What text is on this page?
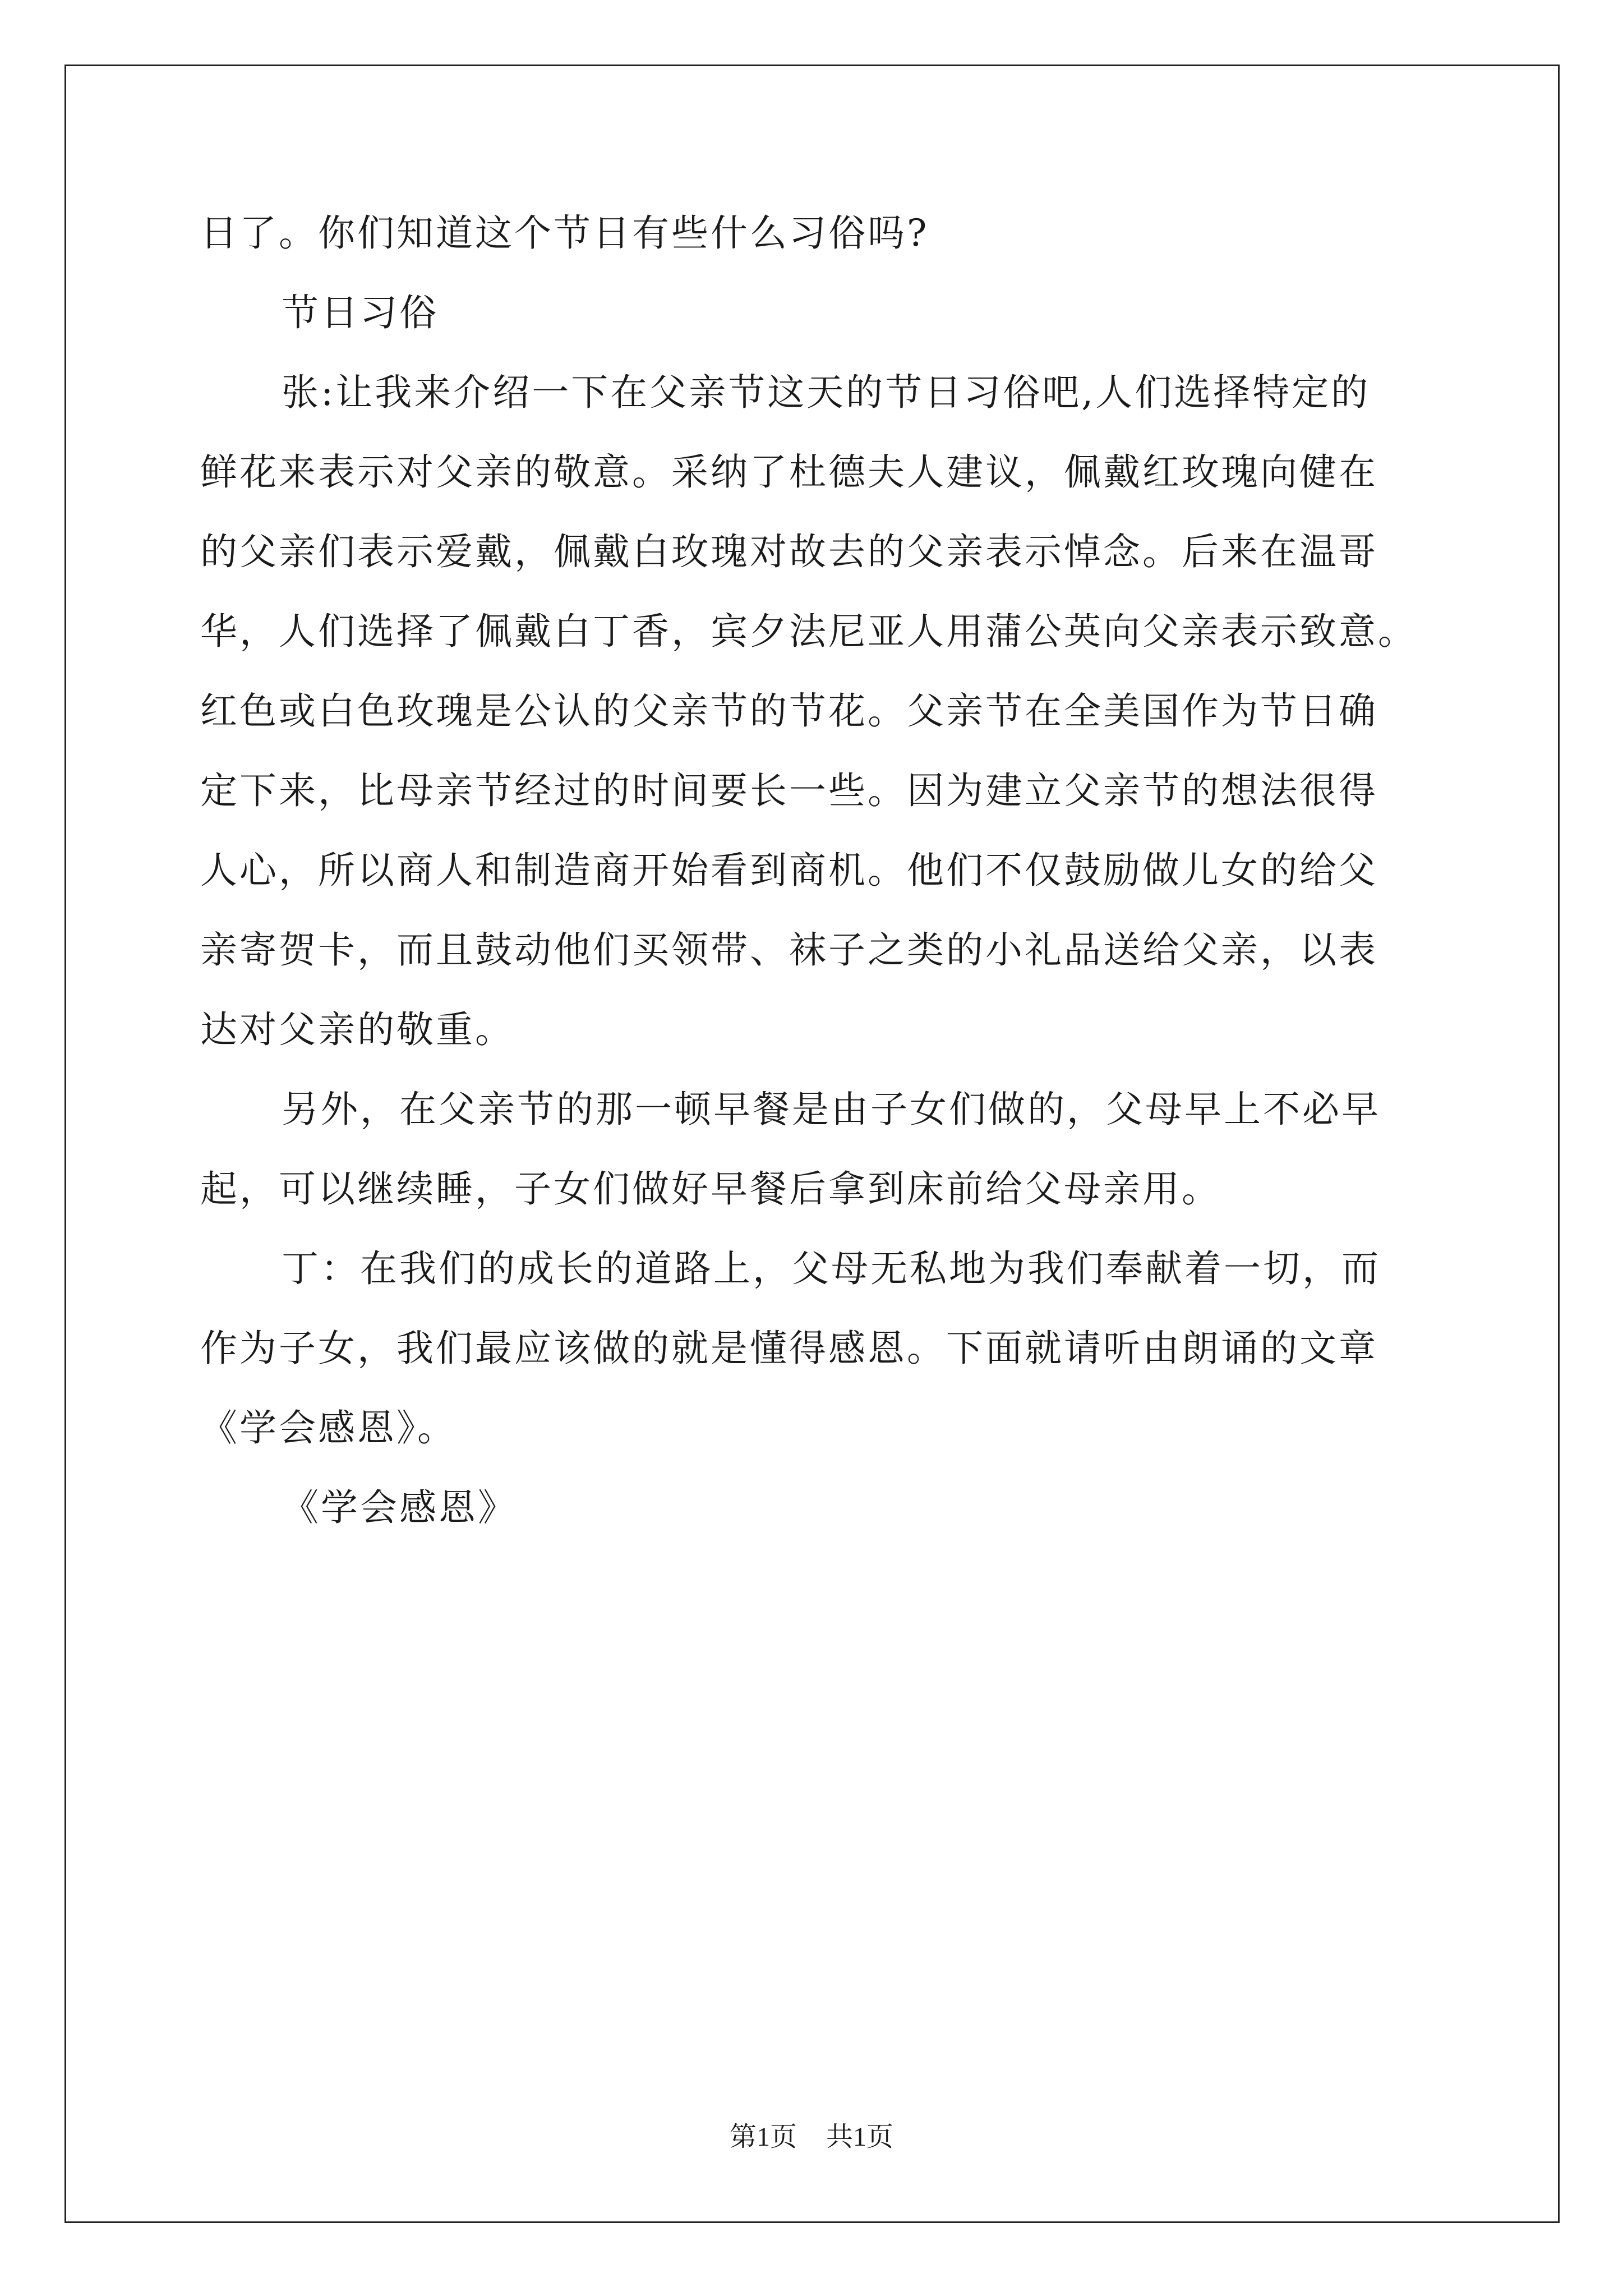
日了。你们知道这个节日有些什么习俗吗?
节日习俗
张:让我来介绍一下在父亲节这天的节日习俗吧,人们选择特定的
鲜花来表示对父亲的敬意。采纳了杜德夫人建议，佩戴红玫瑰向健在
的父亲们表示爱戴，佩戴白玫瑰对故去的父亲表示悼念。后来在温哥
华，人们选择了佩戴白丁香，宾夕法尼亚人用蒲公英向父亲表示致意。
红色或白色玫瑰是公认的父亲节的节花。父亲节在全美国作为节日确
定下来，比母亲节经过的时间要长一些。因为建立父亲节的想法很得
人心，所以商人和制造商开始看到商机。他们不仅鼓励做儿女的给父
亲寄贺卡，而且鼓动他们买领带、袜子之类的小礼品送给父亲，以表
达对父亲的敬重。
另外，在父亲节的那一顿早餐是由子女们做的，父母早上不必早
起，可以继续睡，子女们做好早餐后拿到床前给父母亲用。
丁：在我们的成长的道路上，父母无私地为我们奉献着一切，而
作为子女，我们最应该做的就是懂得感恩。下面就请听由朗诵的文章
《学会感恩》。
《学会感恩》
第1页 共1页
